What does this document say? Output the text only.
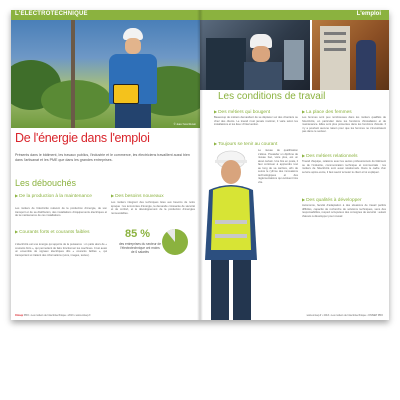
© Jean-Yves Renon
L'ÉLECTROTECHNIQUE
De l'énergie dans l'emploi
Présents dans le bâtiment, les travaux publics, l'industrie et le commerce, les électriciens travaillent aussi bien dans l'artisanat et les PME que dans les grandes entreprises.
Les débouchés
▶De la production à la maintenance
Les métiers de l'électricité relèvent de la production d'énergie, de son transport et de sa distribution, des installations d'équipements électriques et de la maintenance de ces installations.
▶Courants forts et courants faibles
L'électricité est une énergie qui apporte de la puissance : on parle alors de « courants forts », qui permettent de faire fonctionner les machines. C'est aussi un ensemble de signaux électriques dits « courants faibles », qui transportent et traitent des informations (sons, images, textes).
▶Des besoins nouveaux
Les métiers intègrent des techniques liées aux besoins de notre époque : les économies d'énergie, la demande croissante de sécurité et de confort, et le développement de la production d'énergies renouvelables.
85 %
des entreprises du secteur de l'électrotechnique ont moins de 6 salariés
Onisep PRO • Les métiers de l'électrotechnique • 2013 • www.onisep.fr
L'emploi
Les conditions de travail
▶Des métiers qui bougent
Beaucoup de métiers demandent de se déplacer sur des chantiers ou chez des clients. Le travail n'est jamais routinier, il varie selon les installations et les lieux d'intervention.
▶Toujours se tenir au courant
Le niveau de qualification s'élève. Posséder un diplôme de niveau bac, voire plus, est un atout certain. Une fois en poste, il faut continuer à apprendre tout au long de sa carrière, afin de suivre le rythme des innovations technologiques et des réglementations qui évoluent très vite.
▶La place des femmes
Les femmes sont peu nombreuses dans les métiers qualifiés de l'électricité, en particulier dans les fonctions d'installation et de maintenance. Elles sont plus présentes dans les fonctions d'étude. Il n'y a pourtant aucune raison pour que les femmes ne s'investissent pas dans ce secteur.
▶Des métiers relationnels
Travail d'équipe, relations avec les autres professionnels du bâtiment ou de l'industrie, communication technique et commerciale : les métiers de l'électricité sont aussi relationnels. Dans le cadre d'un service après-vente, il faut savoir écouter le client et lui expliquer.
▶Des qualités à développer
Autonomie, faculté d'adaptation à des situations de travail parfois difficiles, capacité de recherche de solutions techniques, sens des responsabilités, respect scrupuleux des consignes de sécurité : autant d'atouts à développer pour réussir.
www.onisep.fr • 2013 • Les métiers de l'électrotechnique • ONISEP PRO
